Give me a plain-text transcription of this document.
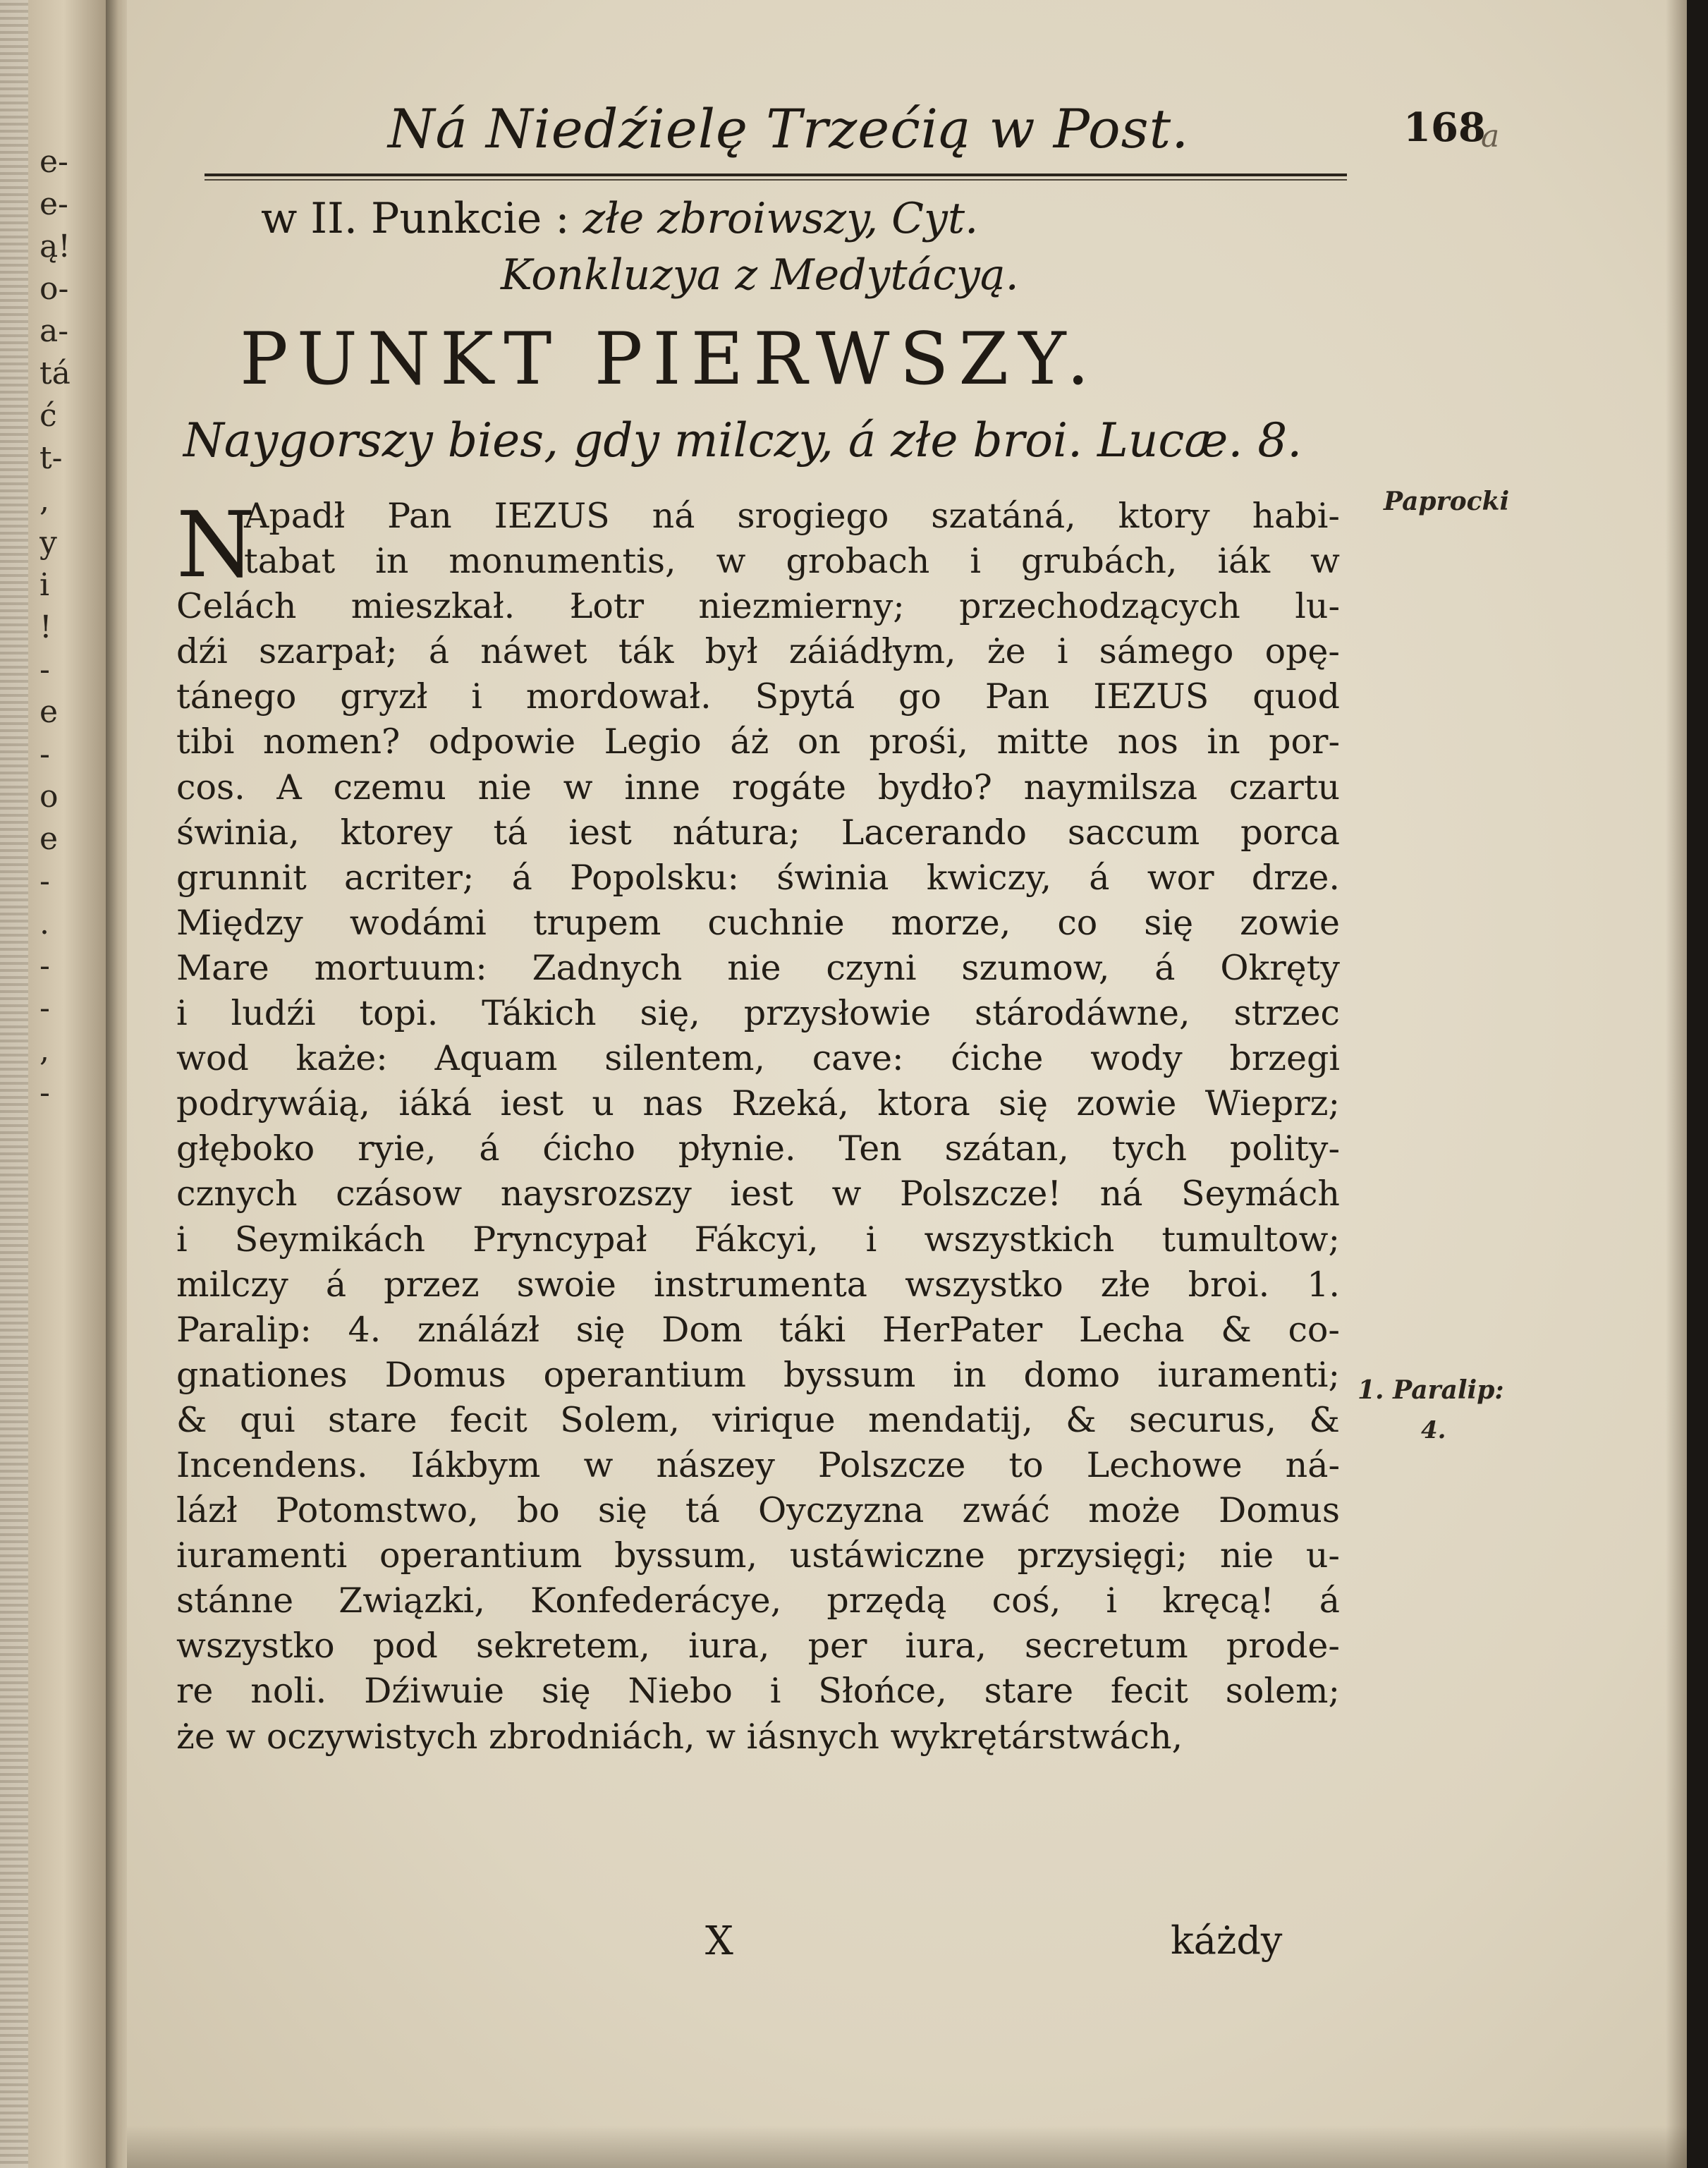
e-
e-
ą!
o-
a-
tá
ć
t-
,
y
i
!
-
e
-
o
e
-
.
-
-
,
-
Ná Niedźielę Trzećią w Post.	168
a
w II. Punkcie : złe zbroiwszy, Cyt.
Konkluzya z Medytácyą.
PUNKT PIERWSZY.
Naygorszy bies, gdy milczy, á złe broi. Lucæ. 8.
N
Apadł Pan IEZUS ná srogiego szatáná, ktory habi-
tabat in monumentis, w grobach i grubách, iák w
Celách mieszkał. Łotr niezmierny; przechodzących lu-
dźi szarpał; á náwet ták był záiádłym, że i sámego opę-
tánego gryzł i mordował. Spytá go Pan IEZUS quod
tibi nomen? odpowie Legio áż on prośi, mitte nos in por-
cos. A czemu nie w inne rogáte bydło? naymilsza czartu
świnia, ktorey tá iest nátura; Lacerando saccum porca
grunnit acriter; á Popolsku: świnia kwiczy, á wor drze.
Między wodámi trupem cuchnie morze, co się zowie
Mare mortuum: Zadnych nie czyni szumow, á Okręty
i ludźi topi. Tákich się, przysłowie stárodáwne, strzec
wod każe: Aquam silentem, cave: ćiche wody brzegi
podrywáią, iáká iest u nas Rzeká, ktora się zowie Wieprz;
głęboko ryie, á ćicho płynie. Ten szátan, tych polity-
cznych czásow naysrozszy iest w Polszcze! ná Seymách
i Seymikách Pryncypał Fákcyi, i wszystkich tumultow;
milczy á przez swoie instrumenta wszystko złe broi. 1.
Paralip: 4. ználázł się Dom táki HerPater Lecha & co-
gnationes Domus operantium byssum in domo iuramenti;
& qui stare fecit Solem, virique mendatij, & securus, &
Incendens. Iákbym w nászey Polszcze to Lechowe ná-
lázł Potomstwo, bo się tá Oyczyzna zwáć może Domus
iuramenti operantium byssum, ustáwiczne przysięgi; nie u-
stánne Związki, Konfederácye, przędą coś, i kręcą! á
wszystko pod sekretem, iura, per iura, secretum prode-
re noli. Dźiwuie się Niebo i Słońce, stare fecit solem;
że w oczywistych zbrodniách, w iásnych wykrętárstwách,
Paprocki
1. Paralip:
4.
X	káżdy
